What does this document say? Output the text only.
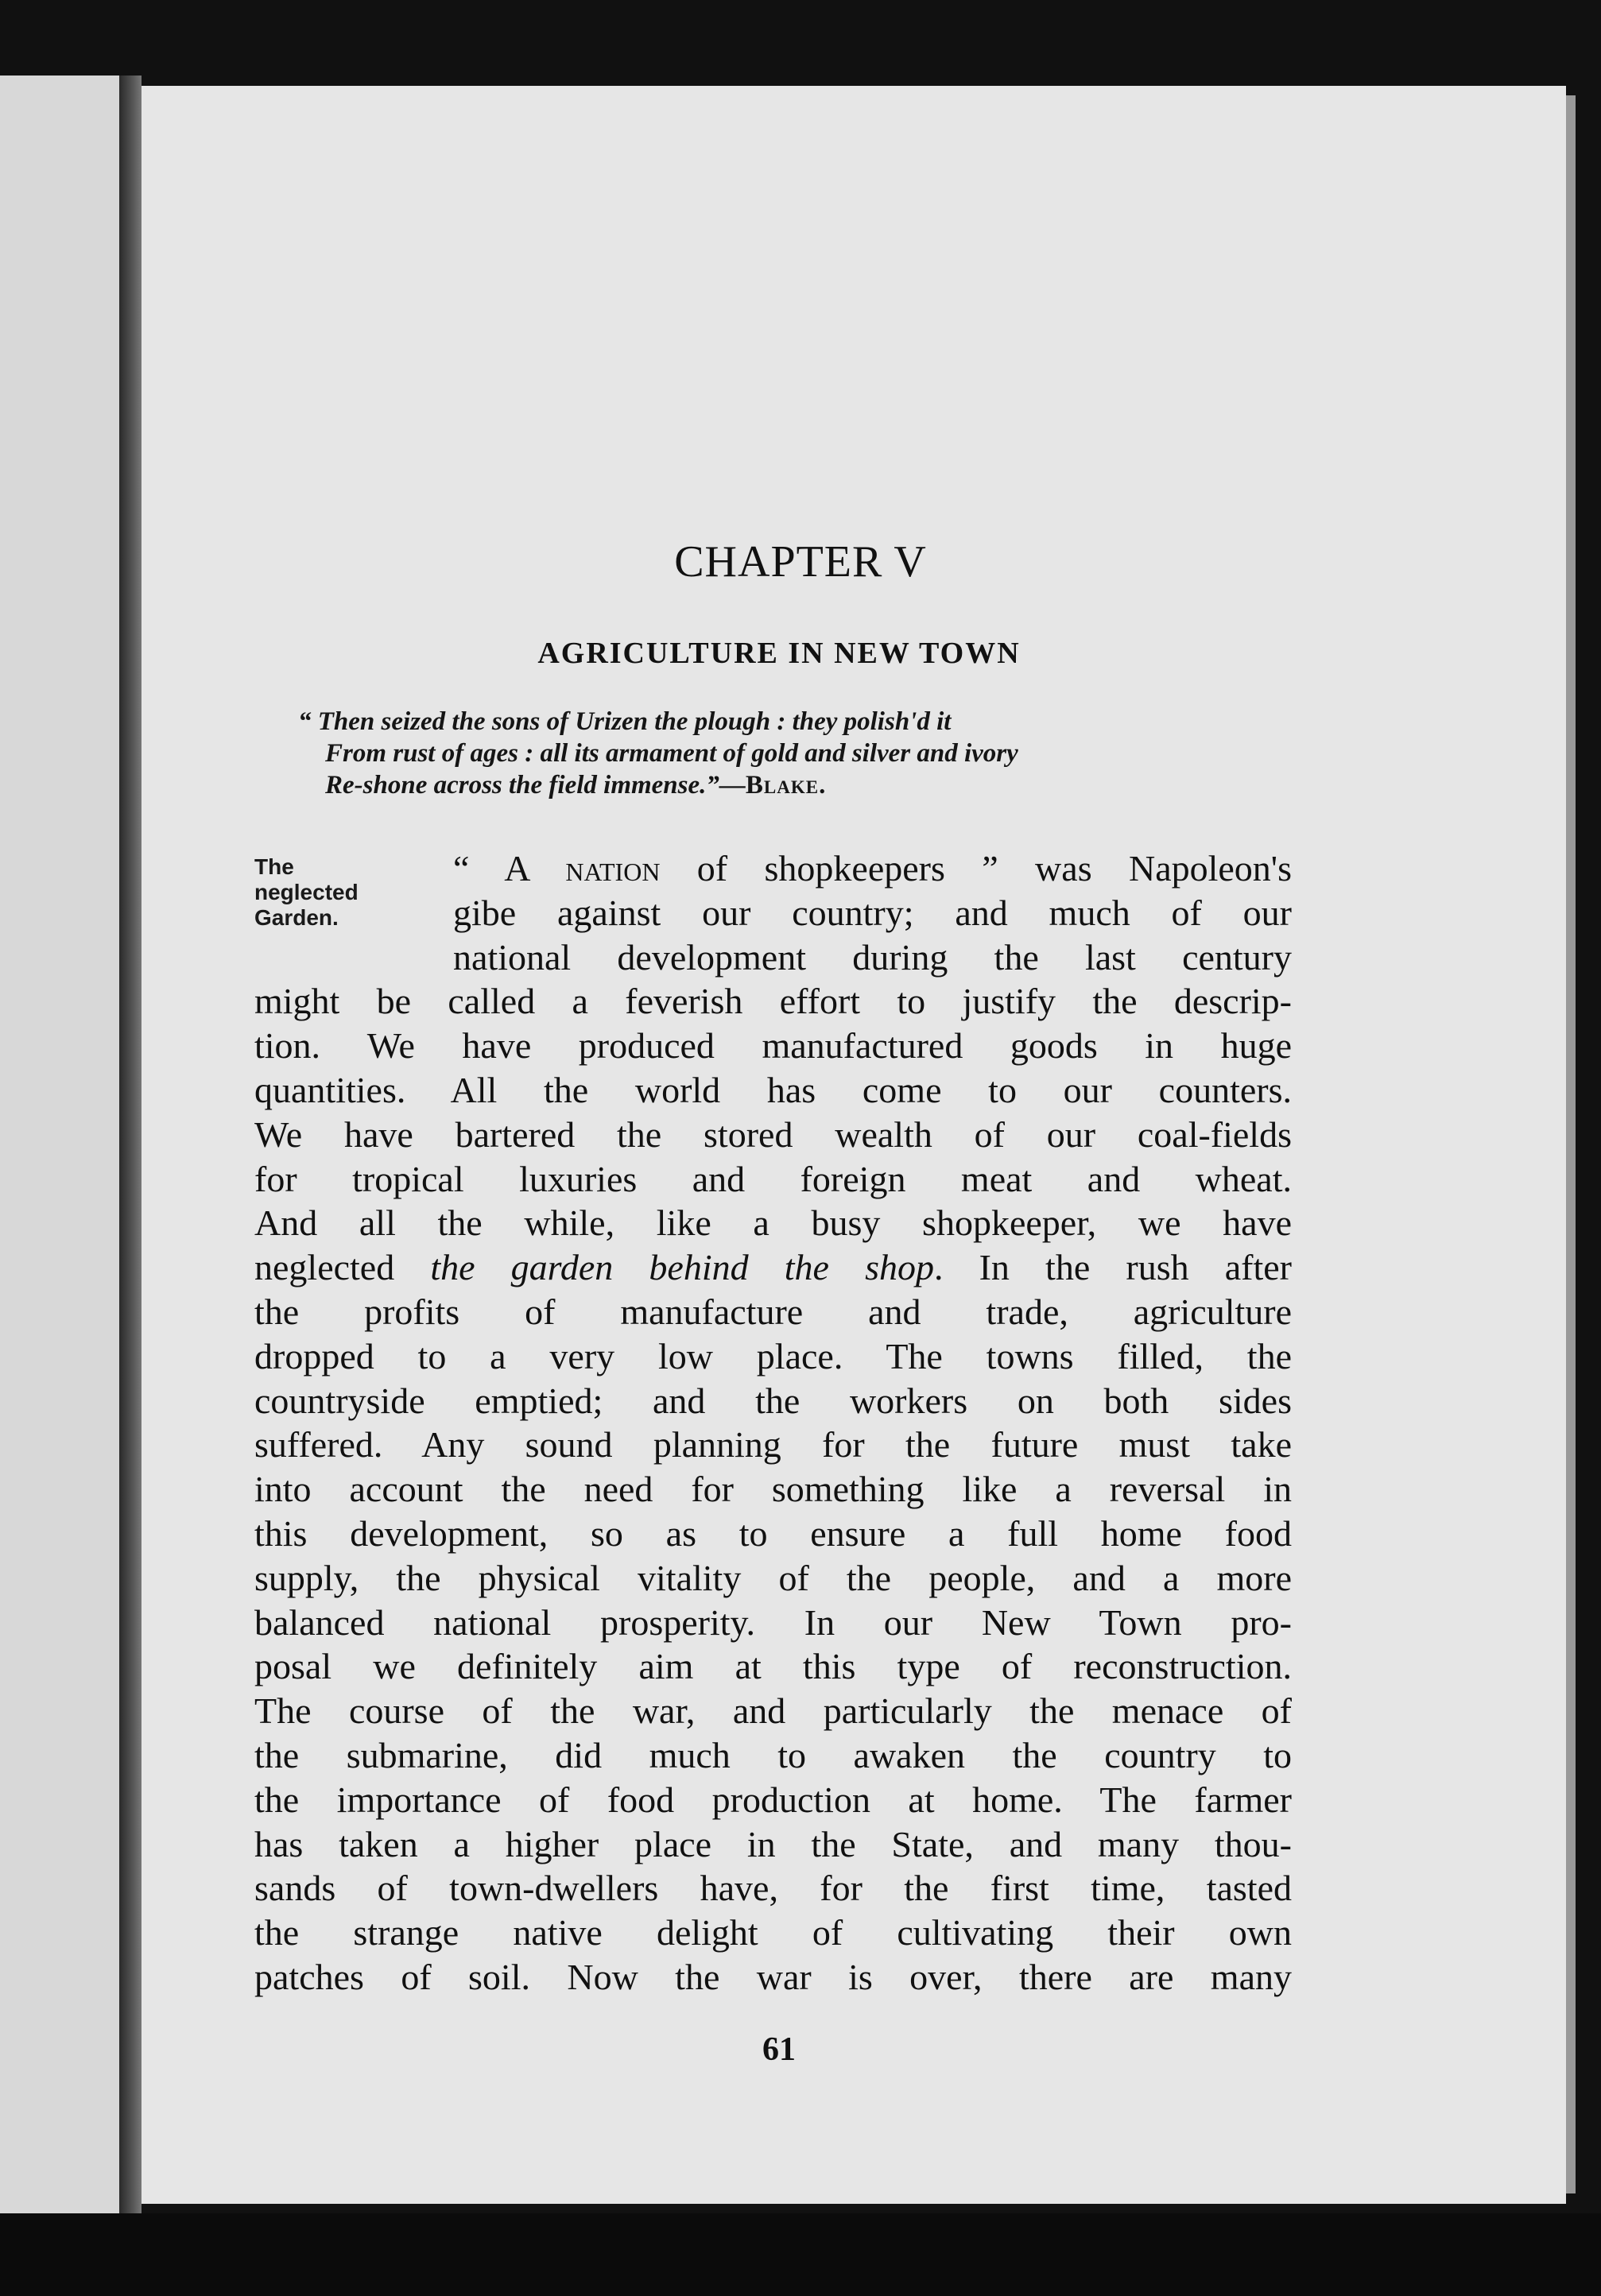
CHAPTER V
AGRICULTURE IN NEW TOWN
“ Then seized the sons of Urizen the plough : they polish'd it
From rust of ages : all its armament of gold and silver and ivory
Re-shone across the field immense.”—Blake.
The
neglected
Garden.
“ A nation of shopkeepers ” was Napoleon's
gibe against our country; and much of our
national development during the last century
might be called a feverish effort to justify the descrip-
tion. We have produced manufactured goods in huge
quantities. All the world has come to our counters.
We have bartered the stored wealth of our coal-fields
for tropical luxuries and foreign meat and wheat.
And all the while, like a busy shopkeeper, we have
neglected the garden behind the shop. In the rush after
the profits of manufacture and trade, agriculture
dropped to a very low place. The towns filled, the
countryside emptied; and the workers on both sides
suffered. Any sound planning for the future must take
into account the need for something like a reversal in
this development, so as to ensure a full home food
supply, the physical vitality of the people, and a more
balanced national prosperity. In our New Town pro-
posal we definitely aim at this type of reconstruction.
The course of the war, and particularly the menace of
the submarine, did much to awaken the country to
the importance of food production at home. The farmer
has taken a higher place in the State, and many thou-
sands of town-dwellers have, for the first time, tasted
the strange native delight of cultivating their own
patches of soil. Now the war is over, there are many
61
